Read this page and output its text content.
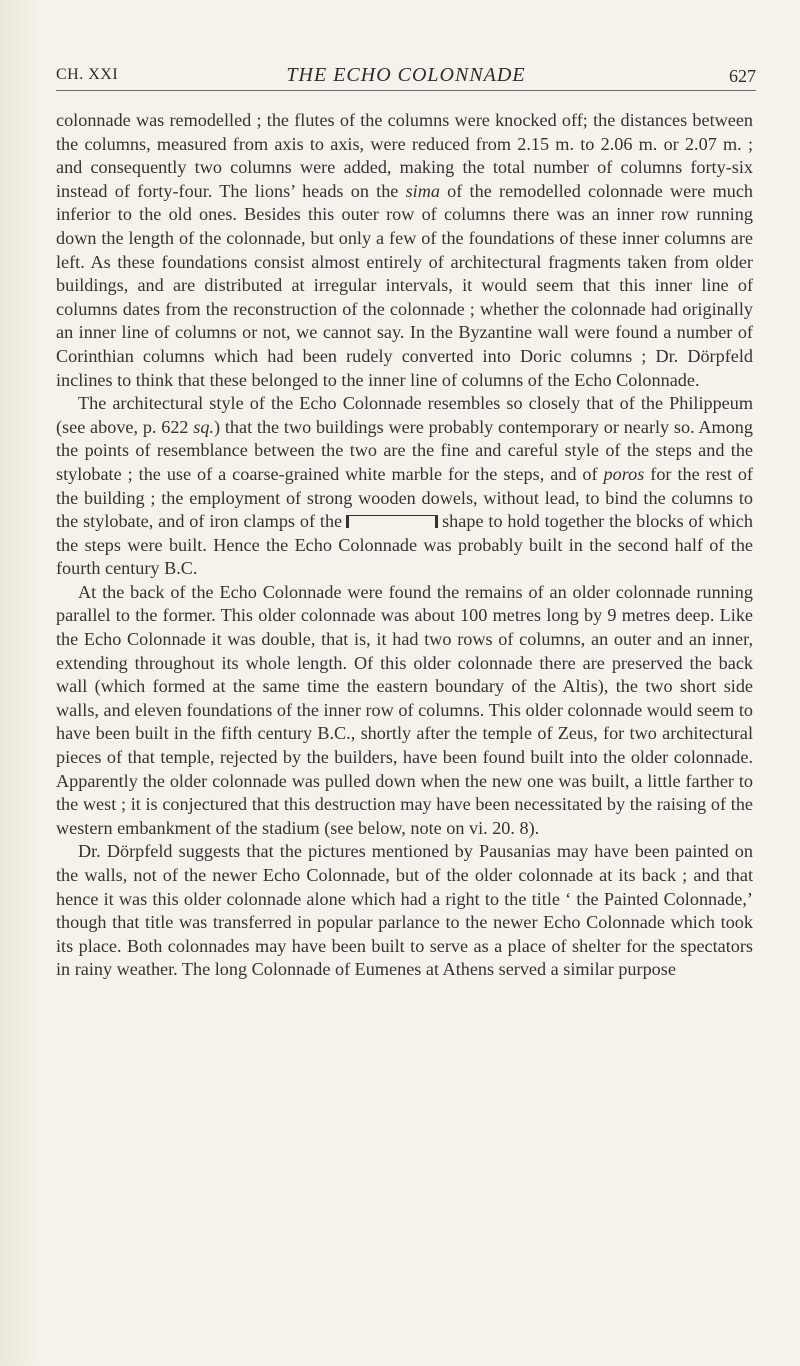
CH. XXI	THE ECHO COLONNADE	627

colonnade was remodelled ; the flutes of the columns were knocked off; the distances between the columns, measured from axis to axis, were reduced from 2.15 m. to 2.06 m. or 2.07 m. ; and consequently two columns were added, making the total number of columns forty-six instead of forty-four. The lions’ heads on the sima of the remodelled colonnade were much inferior to the old ones. Besides this outer row of columns there was an inner row running down the length of the colonnade, but only a few of the foundations of these inner columns are left. As these foundations consist almost entirely of architectural fragments taken from older buildings, and are distributed at irregular intervals, it would seem that this inner line of columns dates from the reconstruction of the colonnade ; whether the colonnade had originally an inner line of columns or not, we cannot say. In the Byzantine wall were found a number of Corinthian columns which had been rudely converted into Doric columns ; Dr. Dörpfeld inclines to think that these belonged to the inner line of columns of the Echo Colonnade.

The architectural style of the Echo Colonnade resembles so closely that of the Philippeum (see above, p. 622 sq.) that the two buildings were probably contemporary or nearly so. Among the points of resemblance between the two are the fine and careful style of the steps and the stylobate ; the use of a coarse-grained white marble for the steps, and of poros for the rest of the building ; the employment of strong wooden dowels, without lead, to bind the columns to the stylobate, and of iron clamps of the	shape to hold together the blocks of which the steps were built. Hence the Echo Colonnade was probably built in the second half of the fourth century B.C.

At the back of the Echo Colonnade were found the remains of an older colonnade running parallel to the former. This older colonnade was about 100 metres long by 9 metres deep. Like the Echo Colonnade it was double, that is, it had two rows of columns, an outer and an inner, extending throughout its whole length. Of this older colonnade there are preserved the back wall (which formed at the same time the eastern boundary of the Altis), the two short side walls, and eleven foundations of the inner row of columns. This older colonnade would seem to have been built in the fifth century B.C., shortly after the temple of Zeus, for two architectural pieces of that temple, rejected by the builders, have been found built into the older colonnade. Apparently the older colonnade was pulled down when the new one was built, a little farther to the west ; it is conjectured that this destruction may have been necessitated by the raising of the western embankment of the stadium (see below, note on vi. 20. 8).

Dr. Dörpfeld suggests that the pictures mentioned by Pausanias may have been painted on the walls, not of the newer Echo Colonnade, but of the older colonnade at its back ; and that hence it was this older colonnade alone which had a right to the title ‘ the Painted Colonnade,’ though that title was transferred in popular parlance to the newer Echo Colonnade which took its place. Both colonnades may have been built to serve as a place of shelter for the spectators in rainy weather. The long Colonnade of Eumenes at Athens served a similar purpose
